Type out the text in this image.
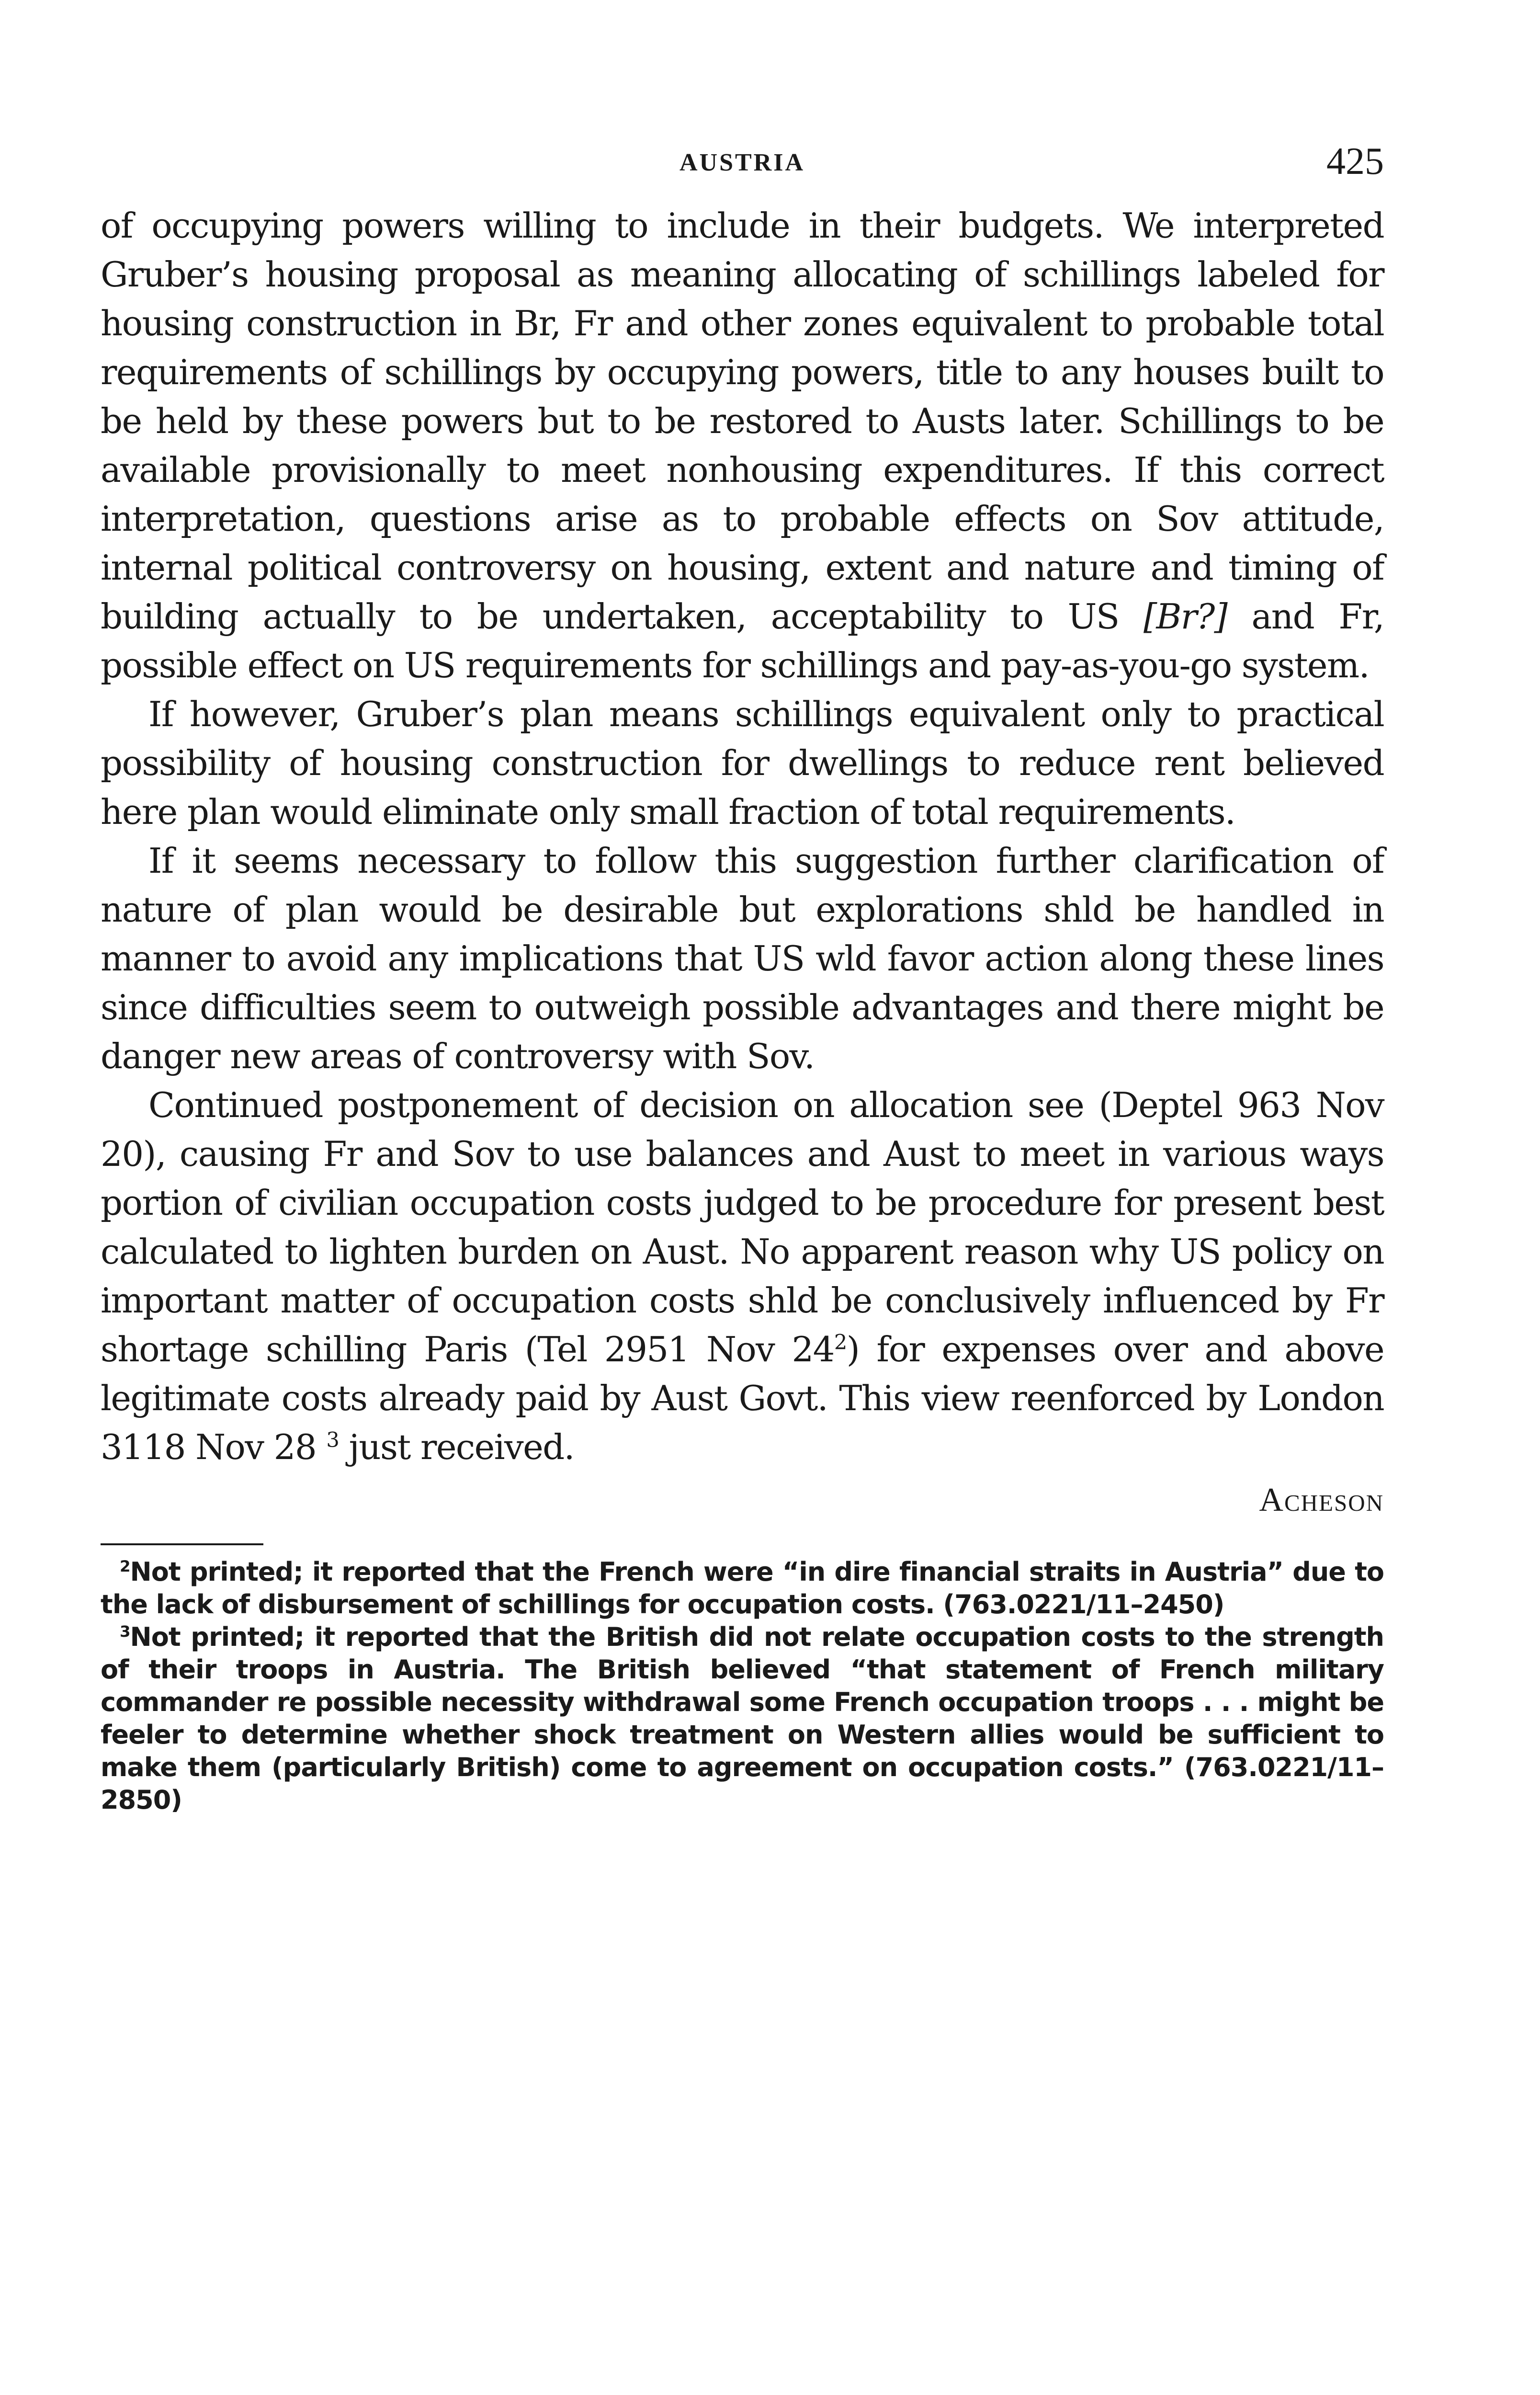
AUSTRIA	425

of occupying powers willing to include in their budgets. We interpreted Gruber’s housing proposal as meaning allocating of schillings labeled for housing construction in Br, Fr and other zones equivalent to probable total requirements of schillings by occupying powers, title to any houses built to be held by these powers but to be restored to Austs later. Schillings to be available provisionally to meet nonhousing expenditures. If this correct interpretation, questions arise as to probable effects on Sov attitude, internal political controversy on housing, extent and nature and timing of building actually to be undertaken, acceptability to US [Br?] and Fr, possible effect on US requirements for schillings and pay-as-you-go system.

If however, Gruber’s plan means schillings equivalent only to practical possibility of housing construction for dwellings to reduce rent believed here plan would eliminate only small fraction of total requirements.

If it seems necessary to follow this suggestion further clarification of nature of plan would be desirable but explorations shld be handled in manner to avoid any implications that US wld favor action along these lines since difficulties seem to outweigh possible advantages and there might be danger new areas of controversy with Sov.

Continued postponement of decision on allocation see (Deptel 963 Nov 20), causing Fr and Sov to use balances and Aust to meet in various ways portion of civilian occupation costs judged to be procedure for present best calculated to lighten burden on Aust. No apparent reason why US policy on important matter of occupation costs shld be conclusively influenced by Fr shortage schilling Paris (Tel 2951 Nov $24^2$) for expenses over and above legitimate costs already paid by Aust Govt. This view reenforced by London 3118 Nov 28 $^3$ just received.

Acheson

$^2$Not printed; it reported that the French were “in dire financial straits in Austria” due to the lack of disbursement of schillings for occupation costs. (763.0221/11–2450)

$^3$Not printed; it reported that the British did not relate occupation costs to the strength of their troops in Austria. The British believed “that statement of French military commander re possible necessity withdrawal some French occupation troops . . . might be feeler to determine whether shock treatment on Western allies would be sufficient to make them (particularly British) come to agreement on occupation costs.” (763.0221/11–2850)
